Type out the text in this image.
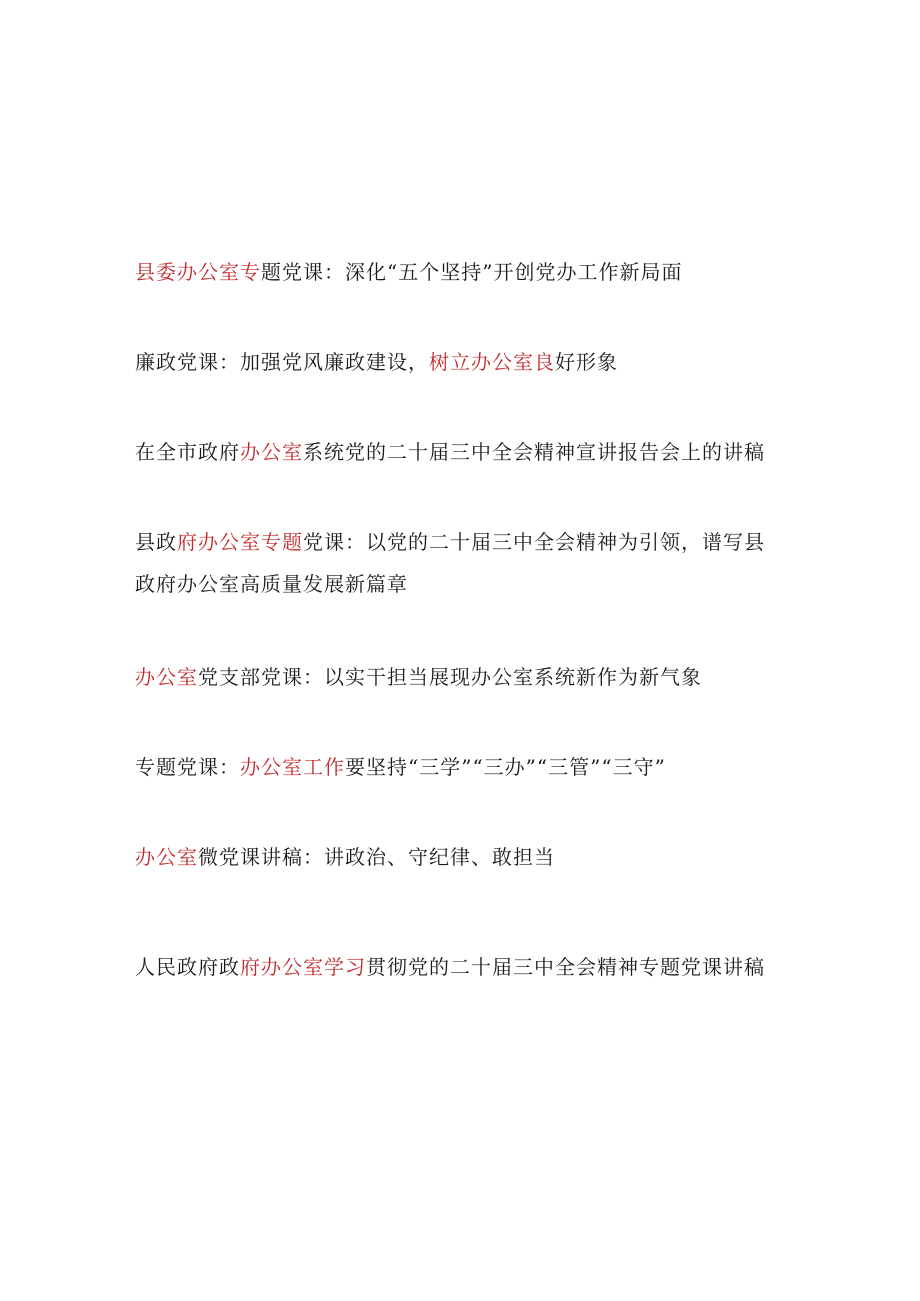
县委办公室专题党课：深化“五个坚持”开创党办工作新局面
廉政党课：加强党风廉政建设，树立办公室良好形象
在全市政府办公室系统党的二十届三中全会精神宣讲报告会上的讲稿
县政府办公室专题党课：以党的二十届三中全会精神为引领，谱写县
政府办公室高质量发展新篇章
办公室党支部党课：以实干担当展现办公室系统新作为新气象
专题党课：办公室工作要坚持“三学”“三办”“三管”“三守”
办公室微党课讲稿：讲政治、守纪律、敢担当
人民政府政府办公室学习贯彻党的二十届三中全会精神专题党课讲稿
